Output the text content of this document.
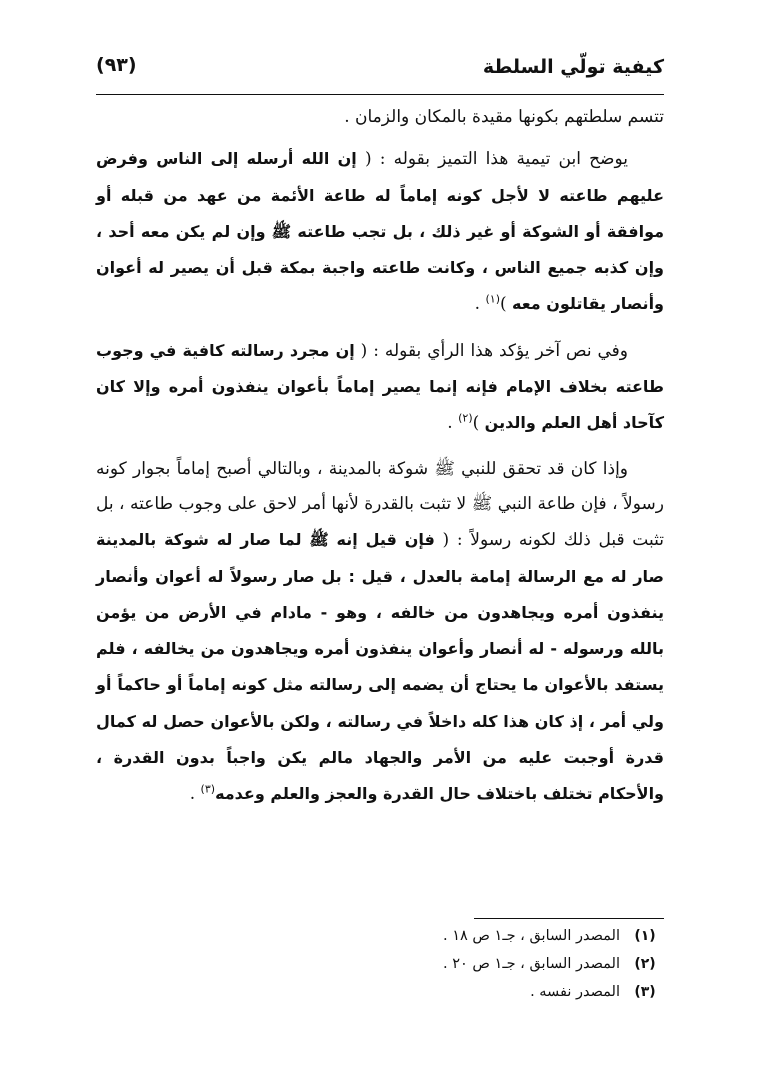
كيفية تولّي السلطة
(٩٣)

تتسم سلطتهم بكونها مقيدة بالمكان والزمان .

يوضح ابن تيمية هذا التميز بقوله : ( إن الله أرسله إلى الناس وفرض عليهم طاعته لا لأجل كونه إماماً له طاعة الأئمة من عهد من قبله أو موافقة أو الشوكة أو غير ذلك ، بل تجب طاعته ﷺ وإن لم يكن معه أحد ، وإن كذبه جميع الناس ، وكانت طاعته واجبة بمكة قبل أن يصير له أعوان وأنصار يقاتلون معه )$^{(١)}$ .

وفي نص آخر يؤكد هذا الرأي بقوله : ( إن مجرد رسالته كافية في وجوب طاعته بخلاف الإمام فإنه إنما يصير إماماً بأعوان ينفذون أمره وإلا كان كآحاد أهل العلم والدين )$^{(٢)}$ .

وإذا كان قد تحقق للنبي ﷺ شوكة بالمدينة ، وبالتالي أصبح إماماً بجوار كونه رسولاً ، فإن طاعة النبي ﷺ لا تثبت بالقدرة لأنها أمر لاحق على وجوب طاعته ، بل تثبت قبل ذلك لكونه رسولاً : ( فإن قيل إنه ﷺ لما صار له شوكة بالمدينة صار له مع الرسالة إمامة بالعدل ، قيل : بل صار رسولاً له أعوان وأنصار ينفذون أمره ويجاهدون من خالفه ، وهو - مادام في الأرض من يؤمن بالله ورسوله - له أنصار وأعوان ينفذون أمره ويجاهدون من يخالفه ، فلم يستفد بالأعوان ما يحتاج أن يضمه إلى رسالته مثل كونه إماماً أو حاكماً أو ولي أمر ، إذ كان هذا كله داخلاً في رسالته ، ولكن بالأعوان حصل له كمال قدرة أوجبت عليه من الأمر والجهاد مالم يكن واجباً بدون القدرة ، والأحكام تختلف باختلاف حال القدرة والعجز والعلم وعدمه$^{(٣)}$ .

(١)
المصدر السابق ، جـ١ ص ١٨ .
(٢)
المصدر السابق ، جـ١ ص ٢٠ .
(٣)
المصدر نفسه .
